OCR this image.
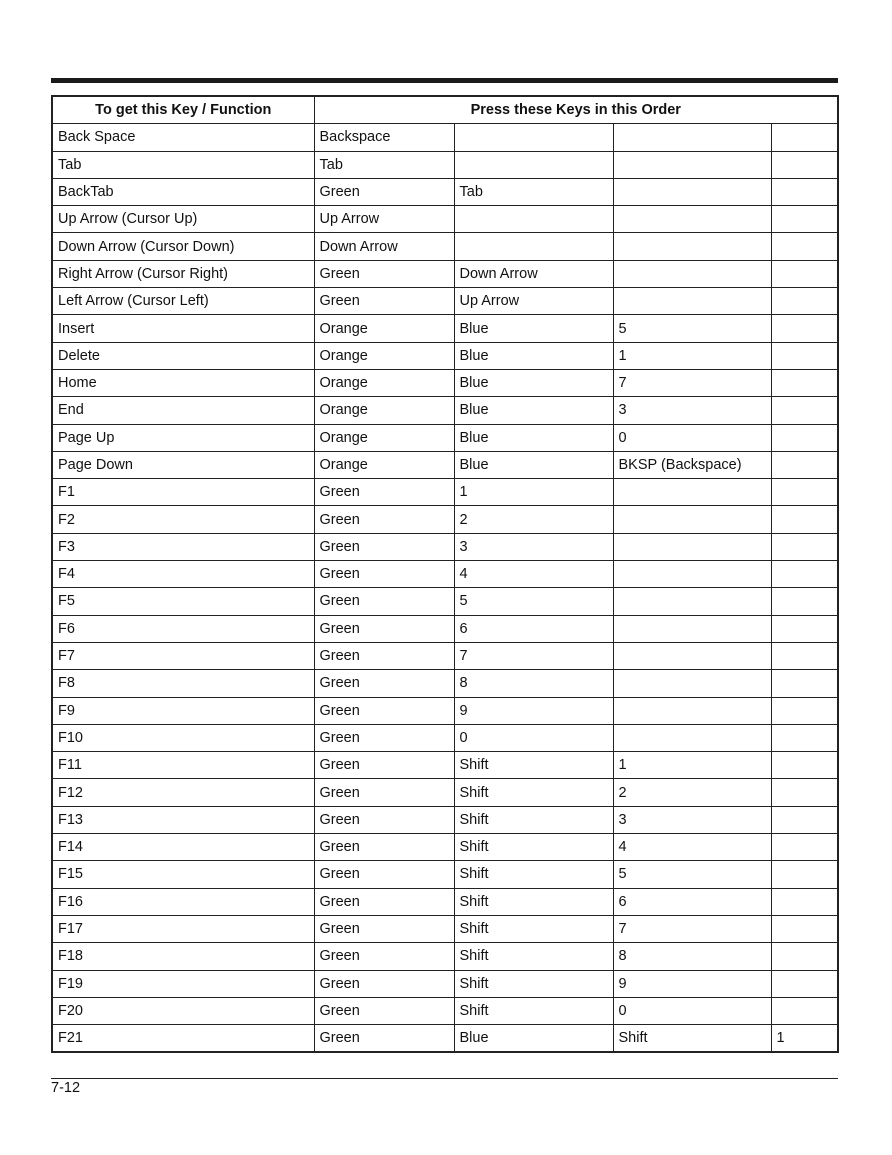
To get this Key / Function	Press these Keys in this Order			
Back Space	Backspace			
Tab	Tab			
BackTab	Green	Tab		
Up Arrow (Cursor Up)	Up Arrow			
Down Arrow (Cursor Down)	Down Arrow			
Right Arrow (Cursor Right)	Green	Down Arrow		
Left Arrow (Cursor Left)	Green	Up Arrow		
Insert	Orange	Blue	5	
Delete	Orange	Blue	1	
Home	Orange	Blue	7	
End	Orange	Blue	3	
Page Up	Orange	Blue	0	
Page Down	Orange	Blue	BKSP (Backspace)	
F1	Green	1		
F2	Green	2		
F3	Green	3		
F4	Green	4		
F5	Green	5		
F6	Green	6		
F7	Green	7		
F8	Green	8		
F9	Green	9		
F10	Green	0		
F11	Green	Shift	1	
F12	Green	Shift	2	
F13	Green	Shift	3	
F14	Green	Shift	4	
F15	Green	Shift	5	
F16	Green	Shift	6	
F17	Green	Shift	7	
F18	Green	Shift	8	
F19	Green	Shift	9	
F20	Green	Shift	0	
F21	Green	Blue	Shift	1
7-12
